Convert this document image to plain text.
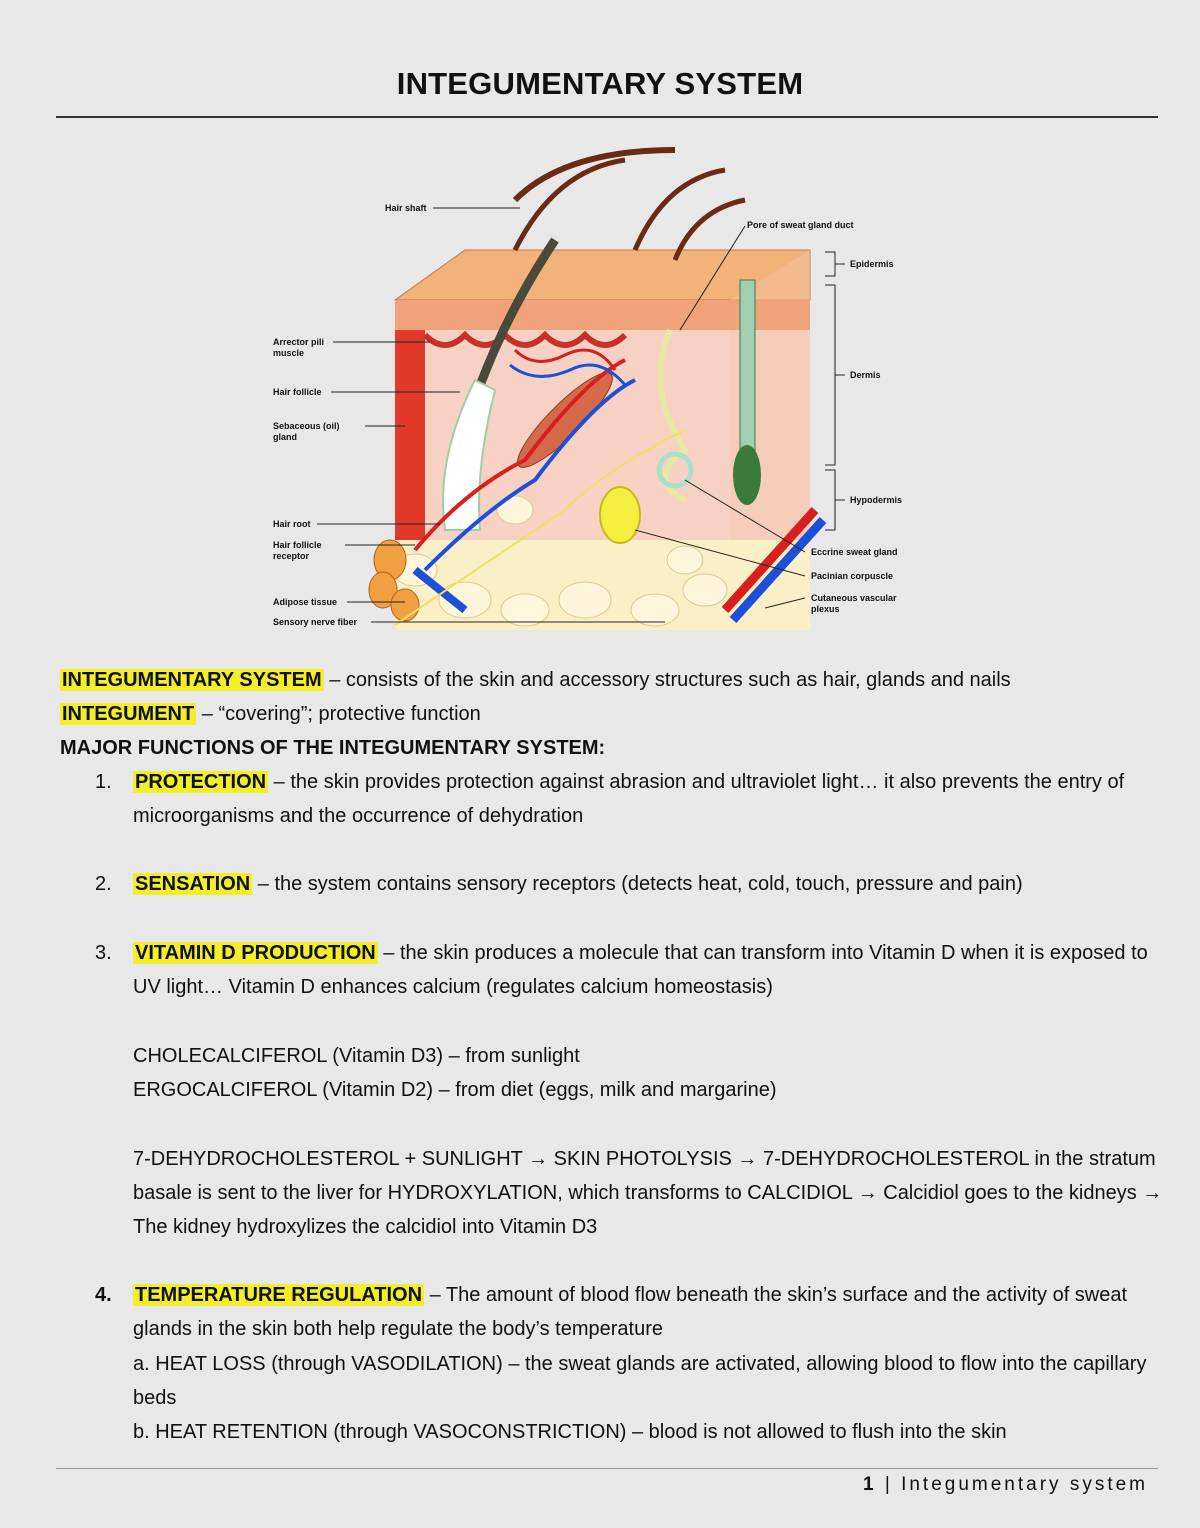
INTEGUMENTARY SYSTEM
Hair shaft
Pore of sweat gland duct
Epidermis
Dermis
Hypodermis
Arrector pili
muscle
Hair follicle
Sebaceous (oil)
gland
Hair root
Hair follicle
receptor
Adipose tissue
Sensory nerve fiber
Eccrine sweat gland
Pacinian corpuscle
Cutaneous vascular
plexus
INTEGUMENTARY SYSTEM – consists of the skin and accessory structures such as hair, glands and nails
INTEGUMENT – “covering”; protective function
MAJOR FUNCTIONS OF THE INTEGUMENTARY SYSTEM:
1.	PROTECTION – the skin provides protection against abrasion and ultraviolet light… it also prevents the entry of microorganisms and the occurrence of dehydration
2.	SENSATION – the system contains sensory receptors (detects heat, cold, touch, pressure and pain)
3.	VITAMIN D PRODUCTION – the skin produces a molecule that can transform into Vitamin D when it is exposed to UV light… Vitamin D enhances calcium (regulates calcium homeostasis)
CHOLECALCIFEROL (Vitamin D3) – from sunlight
ERGOCALCIFEROL (Vitamin D2) – from diet (eggs, milk and margarine)
7-DEHYDROCHOLESTEROL + SUNLIGHT → SKIN PHOTOLYSIS → 7-DEHYDROCHOLESTEROL in the stratum basale is sent to the liver for HYDROXYLATION, which transforms to CALCIDIOL → Calcidiol goes to the kidneys → The kidney hydroxylizes the calcidiol into Vitamin D3
4.	TEMPERATURE REGULATION – The amount of blood flow beneath the skin’s surface and the activity of sweat glands in the skin both help regulate the body’s temperature
a. HEAT LOSS (through VASODILATION) – the sweat glands are activated, allowing blood to flow into the capillary beds
b. HEAT RETENTION (through VASOCONSTRICTION) – blood is not allowed to flush into the skin
1 | Integumentary system
